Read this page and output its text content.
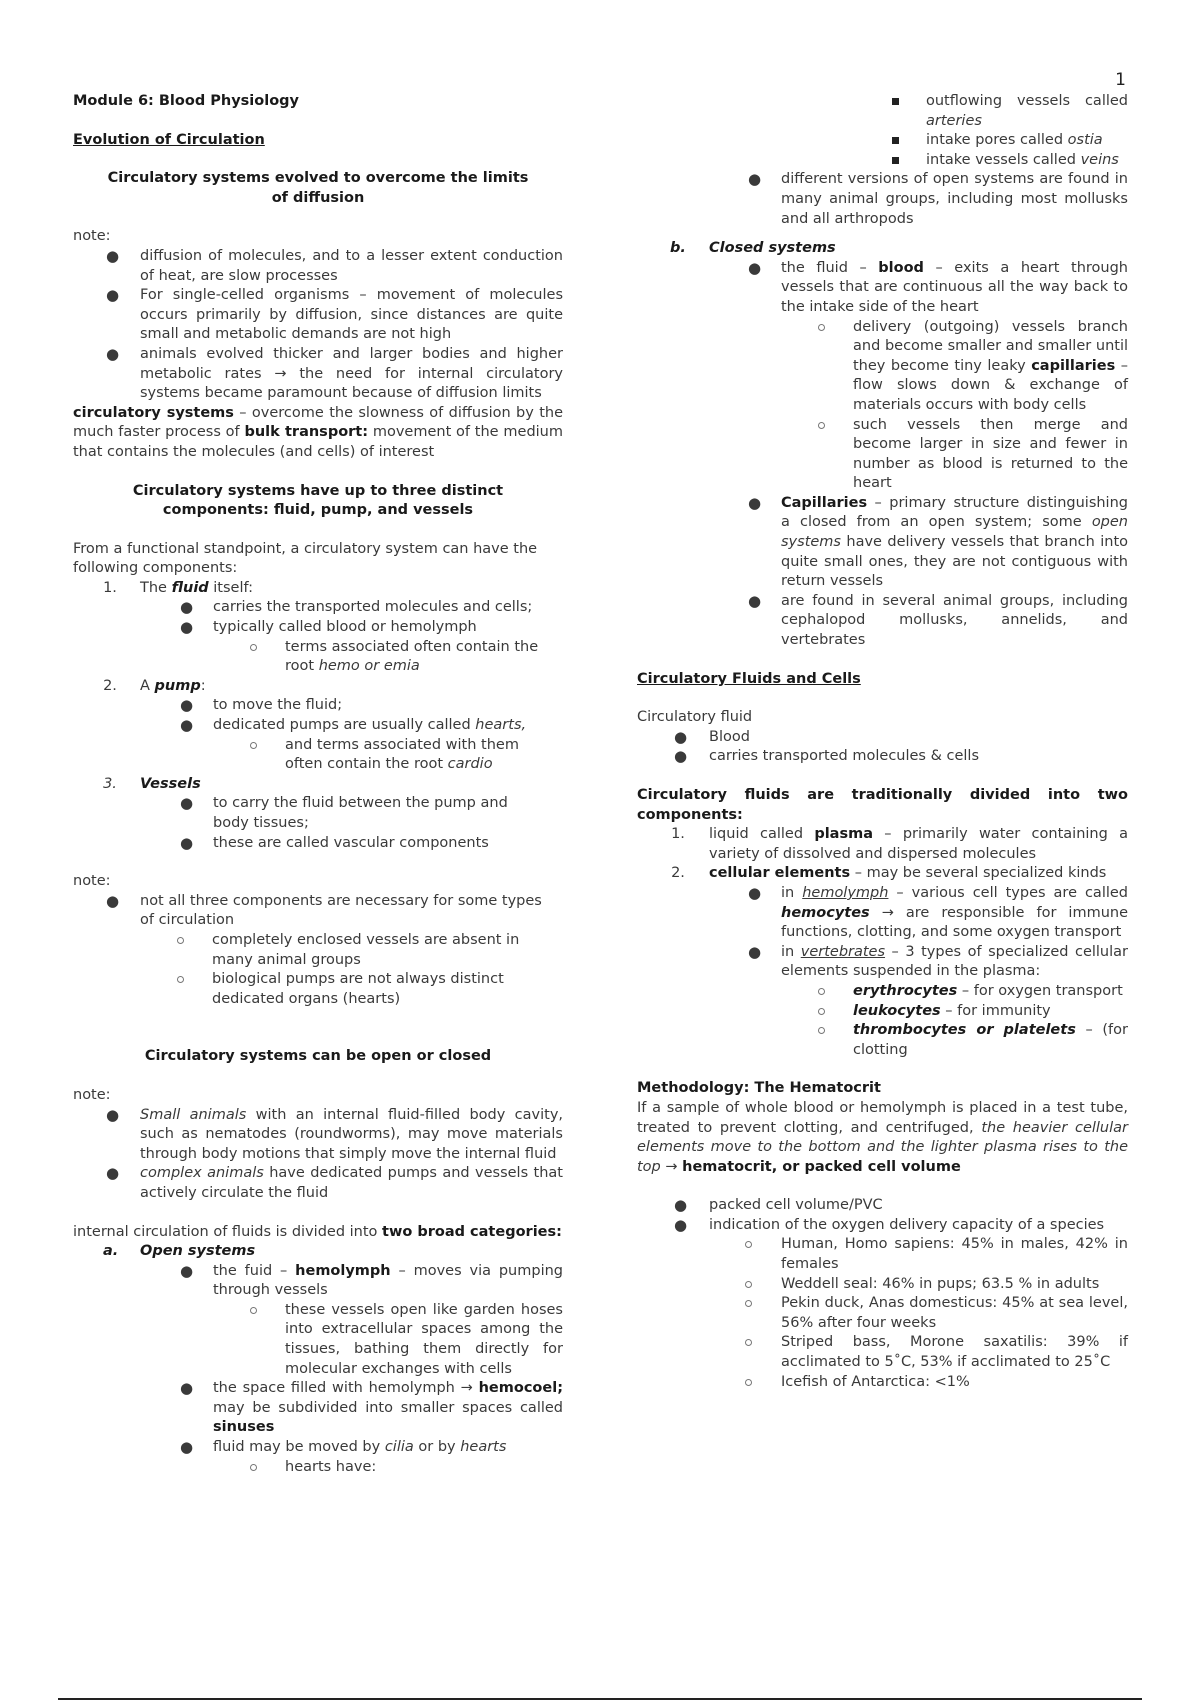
1

Module 6: Blood Physiology

Evolution of Circulation

Circulatory systems evolved to overcome the limits of diffusion

note:

● diffusion of molecules, and to a lesser extent conduction of heat, are slow processes
● For single-celled organisms – movement of molecules occurs primarily by diffusion, since distances are quite small and metabolic demands are not high
● animals evolved thicker and larger bodies and higher metabolic rates → the need for internal circulatory systems became paramount because of diffusion limits
circulatory systems – overcome the slowness of diffusion by the much faster process of bulk transport: movement of the medium that contains the molecules (and cells) of interest
Circulatory systems have up to three distinct components: fluid, pump, and vessels
From a functional standpoint, a circulatory system can have the following components:
1. The fluid itself:
● carries the transported molecules and cells;
● typically called blood or hemolymph
terms associated often contain the root hemo or emia
2. A pump:
● to move the fluid;
● dedicated pumps are usually called hearts,
and terms associated with them often contain the root cardio
3. Vessels
● to carry the fluid between the pump and body tissues;
● these are called vascular components

note:

● not all three components are necessary for some types of circulation
completely enclosed vessels are absent in many animal groups
biological pumps are not always distinct dedicated organs (hearts)
Circulatory systems can be open or closed

note:

● Small animals with an internal fluid-filled body cavity, such as nematodes (roundworms), may move materials through body motions that simply move the internal fluid
● complex animals have dedicated pumps and vessels that actively circulate the fluid
internal circulation of fluids is divided into two broad categories:
a. Open systems
● the fuid – hemolymph – moves via pumping through vessels
these vessels open like garden hoses into extracellular spaces among the tissues, bathing them directly for molecular exchanges with cells
● the space filled with hemolymph → hemocoel; may be subdivided into smaller spaces called sinuses
● fluid may be moved by cilia or by hearts
hearts have:
outflowing vessels called arteries
intake pores called ostia
intake vessels called veins
● different versions of open systems are found in many animal groups, including most mollusks and all arthropods
b. Closed systems
● the fluid – blood – exits a heart through vessels that are continuous all the way back to the intake side of the heart
delivery (outgoing) vessels branch and become smaller and smaller until they become tiny leaky capillaries – flow slows down & exchange of materials occurs with body cells
such vessels then merge and become larger in size and fewer in number as blood is returned to the heart
● Capillaries – primary structure distinguishing a closed from an open system; some open systems have delivery vessels that branch into quite small ones, they are not contiguous with return vessels
● are found in several animal groups, including cephalopod mollusks, annelids, and vertebrates

Circulatory Fluids and Cells

Circulatory fluid

● Blood
● carries transported molecules & cells
Circulatory fluids are traditionally divided into two components:
1. liquid called plasma – primarily water containing a variety of dissolved and dispersed molecules
2. cellular elements – may be several specialized kinds
● in hemolymph – various cell types are called hemocytes → are responsible for immune functions, clotting, and some oxygen transport
● in vertebrates – 3 types of specialized cellular elements suspended in the plasma:
erythrocytes – for oxygen transport
leukocytes – for immunity
thrombocytes or platelets – (for clotting

Methodology: The Hematocrit

If a sample of whole blood or hemolymph is placed in a test tube, treated to prevent clotting, and centrifuged, the heavier cellular elements move to the bottom and the lighter plasma rises to the top → hematocrit, or packed cell volume
● packed cell volume/PVC
● indication of the oxygen delivery capacity of a species
Human, Homo sapiens: 45% in males, 42% in females
Weddell seal: 46% in pups; 63.5 % in adults
Pekin duck, Anas domesticus: 45% at sea level, 56% after four weeks
Striped bass, Morone saxatilis: 39% if acclimated to 5˚C, 53% if acclimated to 25˚C
Icefish of Antarctica: <1%
